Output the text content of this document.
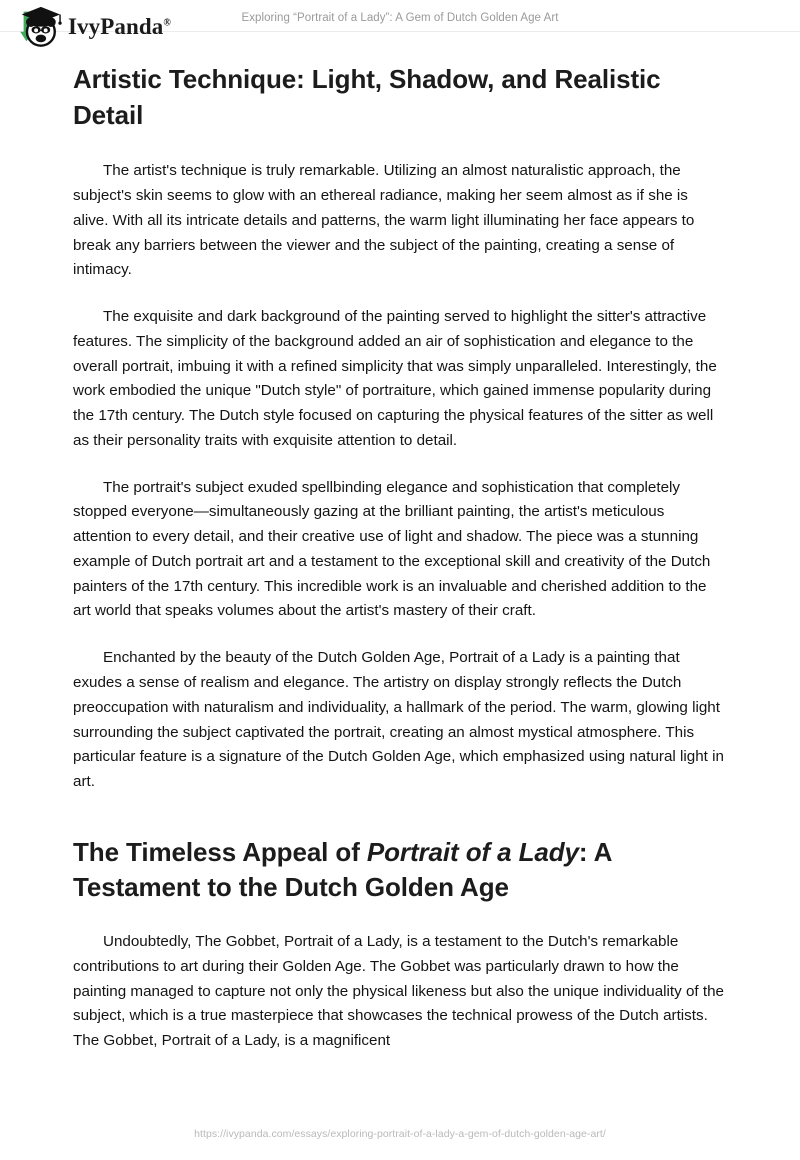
IvyPanda®	Exploring “Portrait of a Lady”: A Gem of Dutch Golden Age Art
Artistic Technique: Light, Shadow, and Realistic Detail

The artist's technique is truly remarkable. Utilizing an almost naturalistic approach, the subject's skin seems to glow with an ethereal radiance, making her seem almost as if she is alive. With all its intricate details and patterns, the warm light illuminating her face appears to break any barriers between the viewer and the subject of the painting, creating a sense of intimacy.

The exquisite and dark background of the painting served to highlight the sitter's attractive features. The simplicity of the background added an air of sophistication and elegance to the overall portrait, imbuing it with a refined simplicity that was simply unparalleled. Interestingly, the work embodied the unique "Dutch style" of portraiture, which gained immense popularity during the 17th century. The Dutch style focused on capturing the physical features of the sitter as well as their personality traits with exquisite attention to detail.

The portrait's subject exuded spellbinding elegance and sophistication that completely stopped everyone—simultaneously gazing at the brilliant painting, the artist's meticulous attention to every detail, and their creative use of light and shadow. The piece was a stunning example of Dutch portrait art and a testament to the exceptional skill and creativity of the Dutch painters of the 17th century. This incredible work is an invaluable and cherished addition to the art world that speaks volumes about the artist's mastery of their craft.

Enchanted by the beauty of the Dutch Golden Age, Portrait of a Lady is a painting that exudes a sense of realism and elegance. The artistry on display strongly reflects the Dutch preoccupation with naturalism and individuality, a hallmark of the period. The warm, glowing light surrounding the subject captivated the portrait, creating an almost mystical atmosphere. This particular feature is a signature of the Dutch Golden Age, which emphasized using natural light in art.

The Timeless Appeal of Portrait of a Lady: A Testament to the Dutch Golden Age

Undoubtedly, The Gobbet, Portrait of a Lady, is a testament to the Dutch's remarkable contributions to art during their Golden Age. The Gobbet was particularly drawn to how the painting managed to capture not only the physical likeness but also the unique individuality of the subject, which is a true masterpiece that showcases the technical prowess of the Dutch artists. The Gobbet, Portrait of a Lady, is a magnificent

https://ivypanda.com/essays/exploring-portrait-of-a-lady-a-gem-of-dutch-golden-age-art/
